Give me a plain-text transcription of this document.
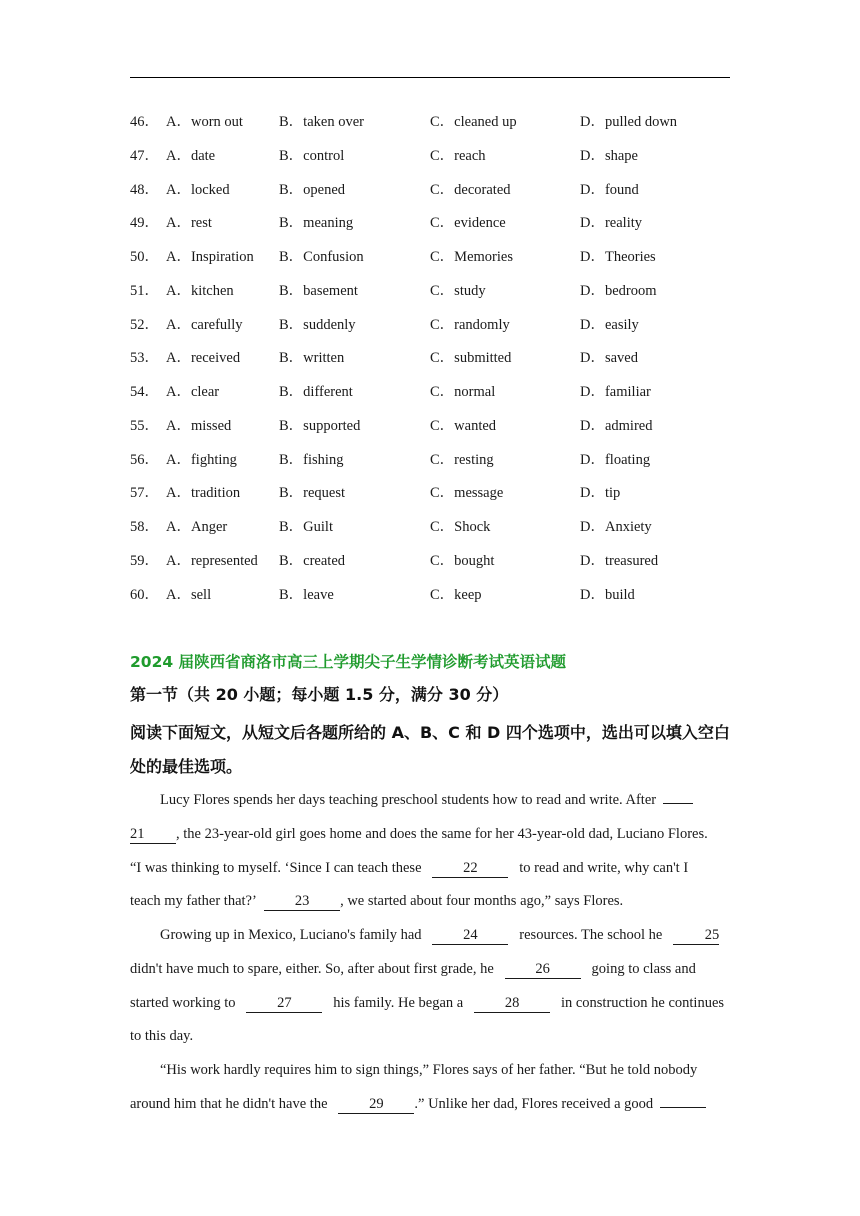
46． A．worn out B．taken over	C．cleaned up	D．pulled down
47． A．date	B．control	C．reach	D．shape
48． A．locked	B．opened	C．decorated	D．found
49． A．rest	B．meaning	C．evidence	D．reality
50． A．Inspiration B．Confusion	C．Memories	D．Theories
51． A．kitchen	B．basement	C．study	D．bedroom
52． A．carefully	B．suddenly	C．randomly	D．easily
53． A．received	B．written	C．submitted	D．saved
54． A．clear	B．different	C．normal	D．familiar
55． A．missed	B．supported	C．wanted	D．admired
56． A．fighting	B．fishing	C．resting	D．floating
57． A．tradition	B．request	C．message	D．tip
58． A．Anger	B．Guilt	C．Shock	D．Anxiety
59． A．represented B．created	C．bought	D．treasured
60． A．sell	B．leave	C．keep	D．build
2024 届陕西省商洛市高三上学期尖子生学情诊断考试英语试题
第一节（共 20 小题；每小题 1.5 分，满分 30 分）
阅读下面短文，从短文后各题所给的 A、B、C 和 D 四个选项中，选出可以填入空白处的最佳选项。
Lucy Flores spends her days teaching preschool students how to read and write. After
21 , the 23-year-old girl goes home and does the same for her 43-year-old dad, Luciano Flores.
“I was thinking to myself. ‘Since I can teach these	22	to read and write, why can't I
teach my father that?’	23 , we started about four months ago,” says Flores.
Growing up in Mexico, Luciano's family had	24	resources. The school he	25
didn't have much to spare, either. So, after about first grade, he	26	going to class and
started working to	27	his family. He began a	28	in construction he continues
to this day.
“His work hardly requires him to sign things,” Flores says of her father. “But he told nobody
around him that he didn't have the	29 .” Unlike her dad, Flores received a good
